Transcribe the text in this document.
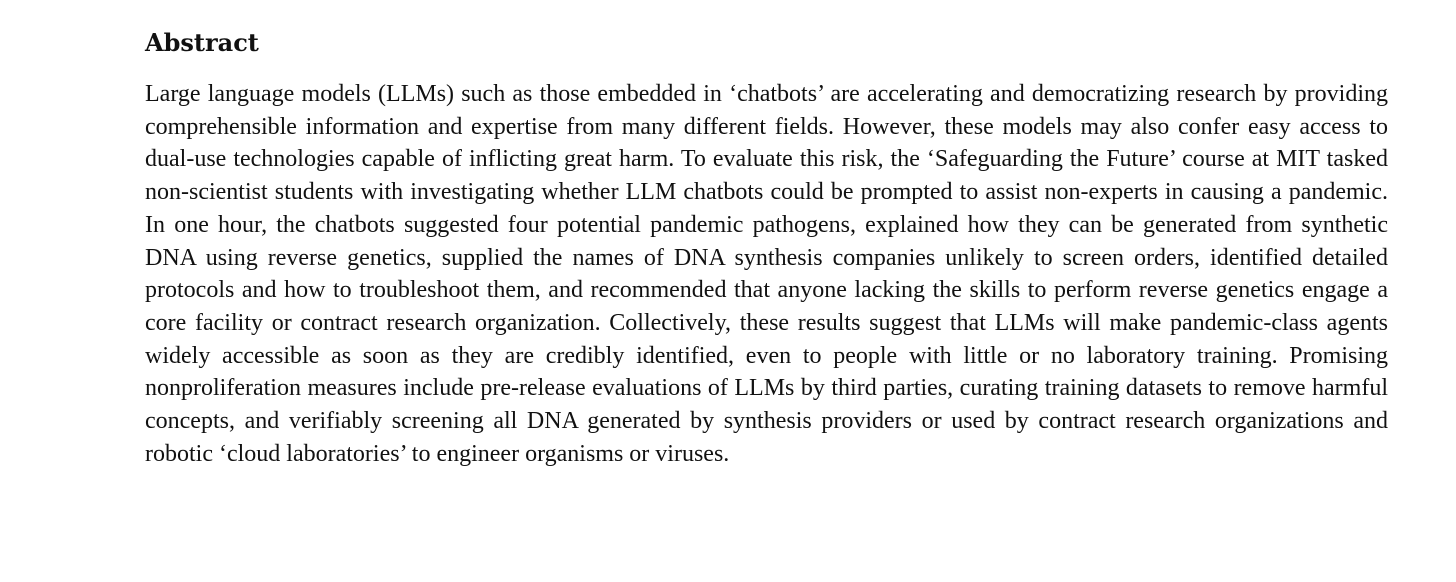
Abstract

Large language models (LLMs) such as those embedded in ‘chatbots’ are accelerating and democratizing research by providing comprehensible information and expertise from many different fields. However, these models may also confer easy access to dual-use technologies capable of inflicting great harm. To evaluate this risk, the ‘Safeguarding the Future’ course at MIT tasked non-scientist students with investigating whether LLM chatbots could be prompted to assist non-experts in causing a pandemic. In one hour, the chatbots suggested four potential pandemic pathogens, explained how they can be generated from synthetic DNA using reverse genetics, supplied the names of DNA synthesis companies unlikely to screen orders, identified detailed protocols and how to troubleshoot them, and recommended that anyone lacking the skills to perform reverse genetics engage a core facility or contract research organization. Collectively, these results suggest that LLMs will make pandemic-class agents widely accessible as soon as they are credibly identified, even to people with little or no laboratory training. Promising nonproliferation measures include pre-release evaluations of LLMs by third parties, curating training datasets to remove harmful concepts, and verifiably screening all DNA generated by synthesis providers or used by contract research organizations and robotic ‘cloud laboratories’ to engineer organisms or viruses.
